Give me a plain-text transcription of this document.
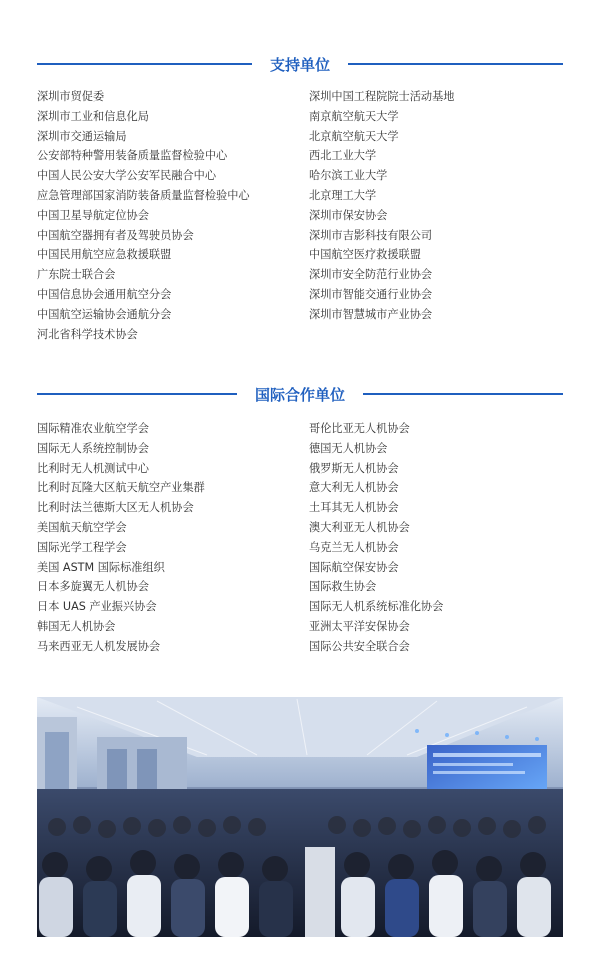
支持单位
深圳市贸促委
深圳市工业和信息化局
深圳市交通运输局
公安部特种警用装备质量监督检验中心
中国人民公安大学公安军民融合中心
应急管理部国家消防装备质量监督检验中心
中国卫星导航定位协会
中国航空器拥有者及驾驶员协会
中国民用航空应急救援联盟
广东院士联合会
中国信息协会通用航空分会
中国航空运输协会通航分会
河北省科学技术协会
深圳中国工程院院士活动基地
南京航空航天大学
北京航空航天大学
西北工业大学
哈尔滨工业大学
北京理工大学
深圳市保安协会
深圳市吉影科技有限公司
中国航空医疗救援联盟
深圳市安全防范行业协会
深圳市智能交通行业协会
深圳市智慧城市产业协会
国际合作单位
国际精准农业航空学会
国际无人系统控制协会
比利时无人机测试中心
比利时瓦隆大区航天航空产业集群
比利时法兰德斯大区无人机协会
美国航天航空学会
国际光学工程学会
美国 ASTM 国际标准组织
日本多旋翼无人机协会
日本 UAS 产业振兴协会
韩国无人机协会
马来西亚无人机发展协会
哥伦比亚无人机协会
德国无人机协会
俄罗斯无人机协会
意大利无人机协会
土耳其无人机协会
澳大利亚无人机协会
乌克兰无人机协会
国际航空保安协会
国际救生协会
国际无人机系统标准化协会
亚洲太平洋安保协会
国际公共安全联合会
